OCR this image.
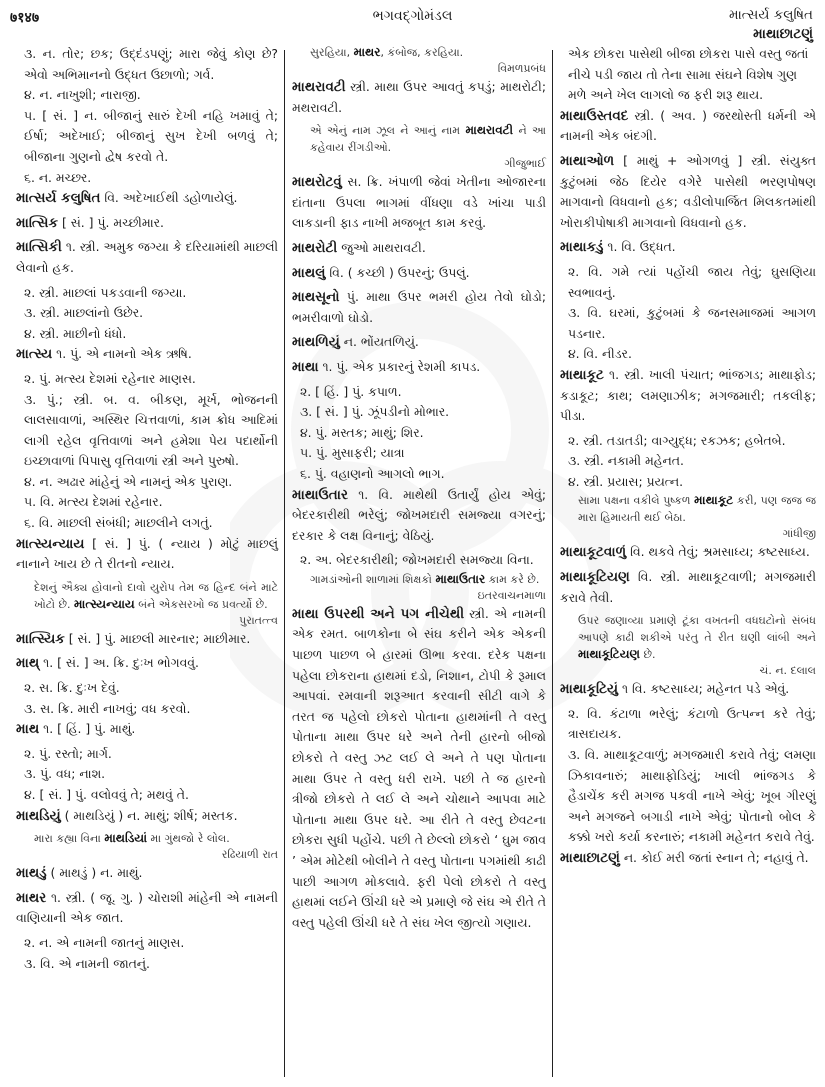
७१४७	ભગવદ્ગોમંડલ	માત્સર્ય કલુષિત
માથાછાટણું
૩. ન. તોર; છક; ઉદ્દંડપણું; મારા જેવું કોણ છે? એવો અભિમાનનો ઉદ્ધત ઉછાળો; ગર્વ.
૪. ન. નાખુશી; નારાજી.
૫. [ સં. ] ન. બીજાનું સારું દેખી નહિ ખમાવું તે; ઈર્ષા; અદેખાઈ; બીજાનું સુખ દેખી બળવું તે; બીજાના ગુણનો દ્વેષ કરવો તે.
૬. ન. મચ્છર.
માત્સર્ય કલુષિત વિ. અદેખાઈથી ડહોળાયેલું.
માત્સિક [ સં. ] પું. મચ્છીમાર.
માત્સિકી ૧. સ્ત્રી. અમુક જગ્યા કે દરિયામાંથી માછલી લેવાનો હક.
૨. સ્ત્રી. માછલાં પકડવાની જગ્યા.
૩. સ્ત્રી. માછલાંનો ઉછેર.
૪. સ્ત્રી. માછીનો ધંધો.
માત્સ્ય ૧. પું. એ નામનો એક ઋષિ.
૨. પું. મત્સ્ય દેશમાં રહેનાર માણસ.
૩. પું.; સ્ત્રી. બ. વ. બીકણ, મૂર્ખ, ભોજનની લાલસાવાળાં, અસ્થિર ચિત્તવાળાં, કામ ક્રોધ આદિમાં લાગી રહેલ વૃત્તિવાળાં અને હમેશા પેય પદાર્થોની ઇચ્છાવાળાં પિપાસુ વૃત્તિવાળાં સ્ત્રી અને પુરુષો.
૪. ન. અઢાર માંહેનું એ નામનું એક પુરાણ.
૫. વિ. મત્સ્ય દેશમાં રહેનાર.
૬. વિ. માછલી સંબંધી; માછલીને લગતું.
માત્સ્યન્યાય [ સં. ] પું. ( ન્યાય ) મોટું માછલું નાનાને ખાય છે તે રીતનો ન્યાય.
દેશનું ઐક્ય હોવાનો દાવો યુરોપ તેમ જ હિન્દ બંને માટે ખોટો છે. માત્સ્યન્યાય બંને એકસરખો જ પ્રવર્ત્યો છે.
પુરાતત્ત્વ
માત્સ્યિક [ સં. ] પું. માછલી મારનાર; માછીમાર.
માથ્ ૧. [ સં. ] અ. ક્રિ. દુઃખ ભોગવવું.
૨. સ. ક્રિ. દુઃખ દેવું.
૩. સ. ક્રિ. મારી નાખવું; વધ કરવો.
માથ ૧. [ હિં. ] પું. માથું.
૨. પું. રસ્તો; માર્ગ.
૩. પું. વધ; નાશ.
૪. [ સં. ] પું. વલોવવું તે; મથવું તે.
માથડિયું ( માથડિયું ) ન. માથું; શીર્ષ; મસ્તક.
મારા કહ્યા વિના માથડિયાં મા ગુંથજો રે લોલ.
રઢિયાળી રાત
માથડું ( માથડું ) ન. માથું.
માથર ૧. સ્ત્રી. ( જૂ. ગુ. ) ચોરાશી માંહેની એ નામની વાણિયાની એક જાત.
૨. ન. એ નામની જાતનું માણસ.
૩. વિ. એ નામની જાતનું.
સુરહિયા, માથર, કંબોજ, કરહિયા.
વિમળપ્રબંધ
માથરાવટી સ્ત્રી. માથા ઉપર આવતું કપડું; માથરોટી; મથરાવટી.
એ એનું નામ ઝૂલ ને આનું નામ માથરાવટી ને આ કહેવાય રીંગડીઓ.
ગીજુભાઈ
માથરોટવું સ. ક્રિ. ખંપાળી જેવાં ખેતીના ઓજારના દાંતાના ઉપલા ભાગમાં વીંધણા વડે ખાંચા પાડી લાકડાની ફાડ નાખી મજબૂત કામ કરવું.
માથરોટી જુઓ માથરાવટી.
માથલું વિ. ( કચ્છી ) ઉપરનું; ઉપલું.
માથસૂનો પું. માથા ઉપર ભમરી હોય તેવો ઘોડો; ભમરીવાળો ઘોડો.
માથળિયું ન. ભોંયતળિયું.
માથા ૧. પું. એક પ્રકારનું રેશમી કાપડ.
૨. [ હિં. ] પું. કપાળ.
૩. [ સં. ] પું. ઝૂંપડીનો મોભાર.
૪. પું. મસ્તક; માથું; શિર.
૫. પું. મુસાફરી; યાત્રા
૬. પું. વહાણનો આગલો ભાગ.
માથાઉતાર ૧. વિ. માથેથી ઉતાર્યું હોય એવું; બેદરકારીથી ભરેલું; જોખમદારી સમજ્યા વગરનું; દરકાર કે લક્ષ વિનાનું; વેઠિયું.
૨. અ. બેદરકારીથી; જોખમદારી સમજ્યા વિના.
ગામડાંઓની શાળામાં શિક્ષકો માથાઉતાર કામ કરે છે.
ઇતરવાચનમાળા
માથા ઉપરથી અને પગ નીચેથી સ્ત્રી. એ નામની એક રમત. બાળકોના બે સંઘ કરીને એક એકની પાછળ પાછળ બે હારમાં ઊભા કરવા. દરેક પક્ષના પહેલા છોકરાના હાથમાં દડો, નિશાન, ટોપી કે રૂમાલ આપવાં. રમવાની શરૂઆત કરવાની સીટી વાગે કે તરત જ પહેલો છોકરો પોતાના હાથમાંની તે વસ્તુ પોતાના માથા ઉપર ધરે અને તેની હારનો બીજો છોકરો તે વસ્તુ ઝટ લઈ લે અને તે પણ પોતાના માથા ઉપર તે વસ્તુ ધરી રાખે. પછી તે જ હારનો ત્રીજો છોકરો તે લઈ લે અને ચોથાને આપવા માટે પોતાના માથા ઉપર ધરે. આ રીતે તે વસ્તુ છેવટના છોકરા સુધી પહોંચે. પછી તે છેલ્લો છોકરો ‘ ઘુમ જાવ ’ એમ મોટેથી બોલીને તે વસ્તુ પોતાના પગમાંથી કાઢી પાછી આગળ મોકલાવે. ફરી પેલો છોકરો તે વસ્તુ હાથમાં લઈને ઊંચી ધરે એ પ્રમાણે જે સંઘ એ રીતે તે વસ્તુ પહેલી ઊંચી ધરે તે સંઘ ખેલ જીત્યો ગણાય.
એક છોકરા પાસેથી બીજા છોકરા પાસે વસ્તુ જતાં નીચે પડી જાય તો તેના સામા સંઘને વિશેષ ગુણ મળે અને ખેલ લાગલો જ ફરી શરૂ થાય.
માથાઉસ્તવદ સ્ત્રી. ( અવ. ) જરથોસ્તી ધર્મની એ નામની એક બંદગી.
માથાઓળ [ માથું + ઓગળવું ] સ્ત્રી. સંયુક્ત કુટુંબમાં જેઠ દિયેર વગેરે પાસેથી ભરણપોષણ માગવાનો વિધવાનો હક; વડીલોપાર્જિત મિલકતમાંથી ખોરાકીપોષાકી માગવાનો વિધવાનો હક.
માથાકડું ૧. વિ. ઉદ્ધત.
૨. વિ. ગમે ત્યાં પહોંચી જાય તેવું; ઘુસણિયા સ્વભાવનું.
૩. વિ. ઘરમાં, કુટુંબમાં કે જનસમાજમાં આગળ પડનાર.
૪. વિ. નીડર.
માથાકૂટ ૧. સ્ત્રી. ખાલી પંચાત; ભાંજગડ; માથાફોડ; કડાકૂટ; કાથ; લમણાઝીક; મગજમારી; તકલીફ; પીડા.
૨. સ્ત્રી. તડાતડી; વાગ્યુદ્ધ; રકઝક; હબેતબે.
૩. સ્ત્રી. નકામી મહેનત.
૪. સ્ત્રી. પ્રયાસ; પ્રયત્ન.
સામા પક્ષના વકીલે પુષ્કળ માથાકૂટ કરી, પણ જજ જ મારા હિમાયતી થઈ બેઠા.
ગાંધીજી
માથાકૂટવાળું વિ. થકવે તેવું; શ્રમસાધ્ય; કષ્ટસાધ્ય.
માથાકૂટિયણ વિ. સ્ત્રી. માથાકૂટવાળી; મગજમારી કરાવે તેવી.
ઉપર જણાવ્યા પ્રમાણે ટૂંકા વખતની વધઘટોનો સંબંધ આપણે કાઢી શકીએ પરંતુ તે રીત ઘણી લાંબી અને માથાકૂટિયણ છે.
ચં. ન. દલાલ
માથાકૂટિયું ૧ વિ. કષ્ટસાધ્ય; મહેનત પડે એવું.
૨. વિ. કંટાળા ભરેલું; કંટાળો ઉત્પન્ન કરે તેવું; ત્રાસદાયક.
૩. વિ. માથાકૂટવાળું; મગજમારી કરાવે તેવું; લમણા ઝિકાવનારું; માથાફોડિયું; ખાલી ભાંજગડ કે હૈડાચેંક કરી મગજ પકવી નાખે એવું; ખૂબ ગીરણું અને મગજને બગાડી નાખે એવું; પોતાનો બોલ કે કક્કો ખરો કર્યા કરનારું; નકામી મહેનત કરાવે તેવું.
માથાછાટણું ન. કોઈ મરી જતાં સ્નાન તે; નહાવું તે.
